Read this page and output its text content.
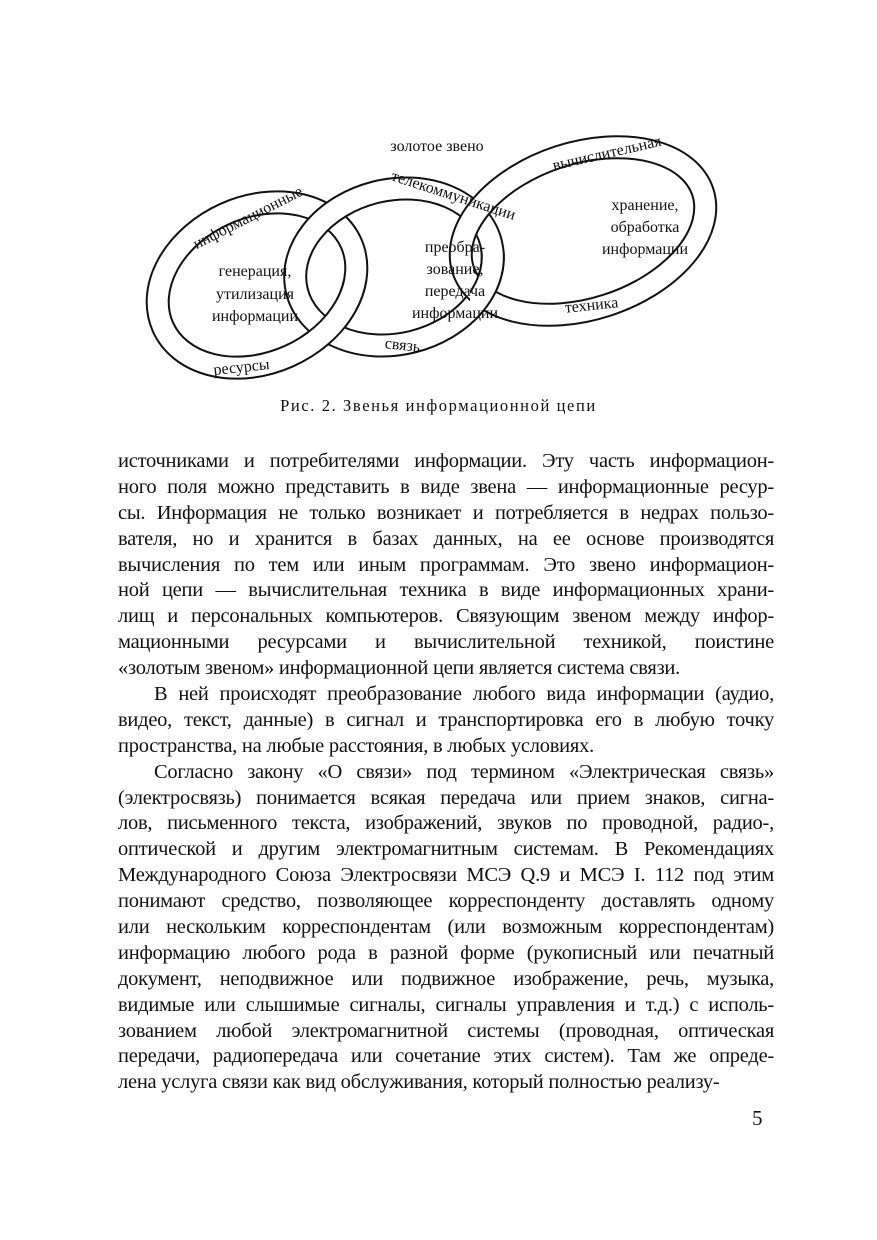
золотое звено
информационные
ресурсы
генерация,
утилизация
информации
телекоммуникации
связь
преобра-
зование,
передача
информации
вычислительная
техника
хранение,
обработка
информации
Рис. 2. Звенья информационной цепи
источниками и потребителями информации. Эту часть информацион-
ного поля можно представить в виде звена — информационные ресур-
сы. Информация не только возникает и потребляется в недрах пользо-
вателя, но и хранится в базах данных, на ее основе производятся
вычисления по тем или иным программам. Это звено информацион-
ной цепи — вычислительная техника в виде информационных храни-
лищ и персональных компьютеров. Связующим звеном между инфор-
мационными ресурсами и вычислительной техникой, поистине
«золотым звеном» информационной цепи является система связи.
В ней происходят преобразование любого вида информации (аудио,
видео, текст, данные) в сигнал и транспортировка его в любую точку
пространства, на любые расстояния, в любых условиях.
Согласно закону «О связи» под термином «Электрическая связь»
(электросвязь) понимается всякая передача или прием знаков, сигна-
лов, письменного текста, изображений, звуков по проводной, радио-,
оптической и другим электромагнитным системам. В Рекомендациях
Международного Союза Электросвязи МСЭ Q.9 и МСЭ I. 112 под этим
понимают средство, позволяющее корреспонденту доставлять одному
или нескольким корреспондентам (или возможным корреспондентам)
информацию любого рода в разной форме (рукописный или печатный
документ, неподвижное или подвижное изображение, речь, музыка,
видимые или слышимые сигналы, сигналы управления и т.д.) с исполь-
зованием любой электромагнитной системы (проводная, оптическая
передачи, радиопередача или сочетание этих систем). Там же опреде-
лена услуга связи как вид обслуживания, который полностью реализу-
5
